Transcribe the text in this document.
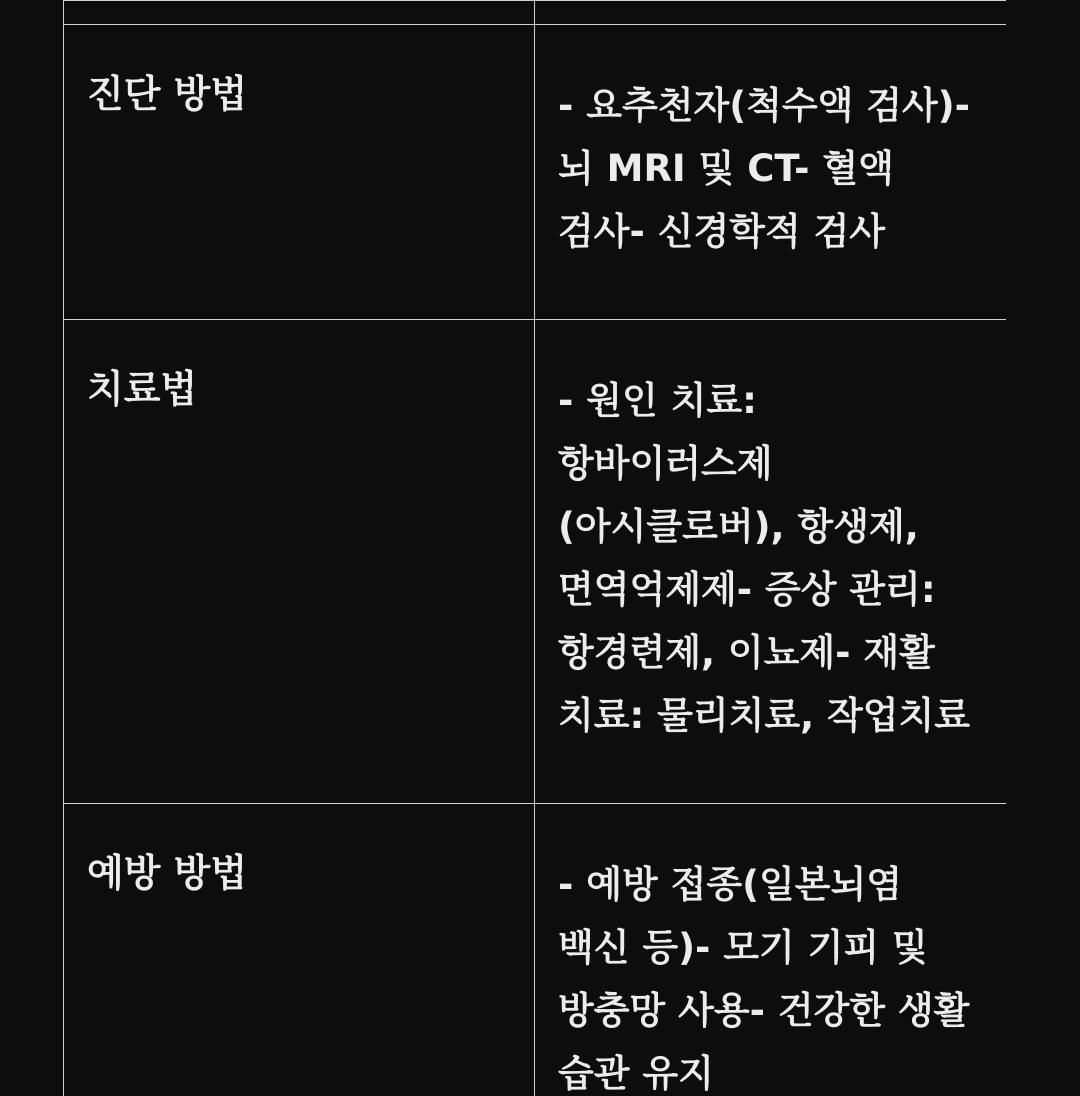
진단 방법	- 요추천자(척수액 검사)- 뇌 MRI 및 CT- 혈액 검사- 신경학적 검사

치료법	- 원인 치료: 항바이러스제(아시클로버), 항생제, 면역억제제- 증상 관리: 항경련제, 이뇨제- 재활 치료: 물리치료, 작업치료

예방 방법	- 예방 접종(일본뇌염 백신 등)- 모기 기피 및 방충망 사용- 건강한 생활 습관 유지
